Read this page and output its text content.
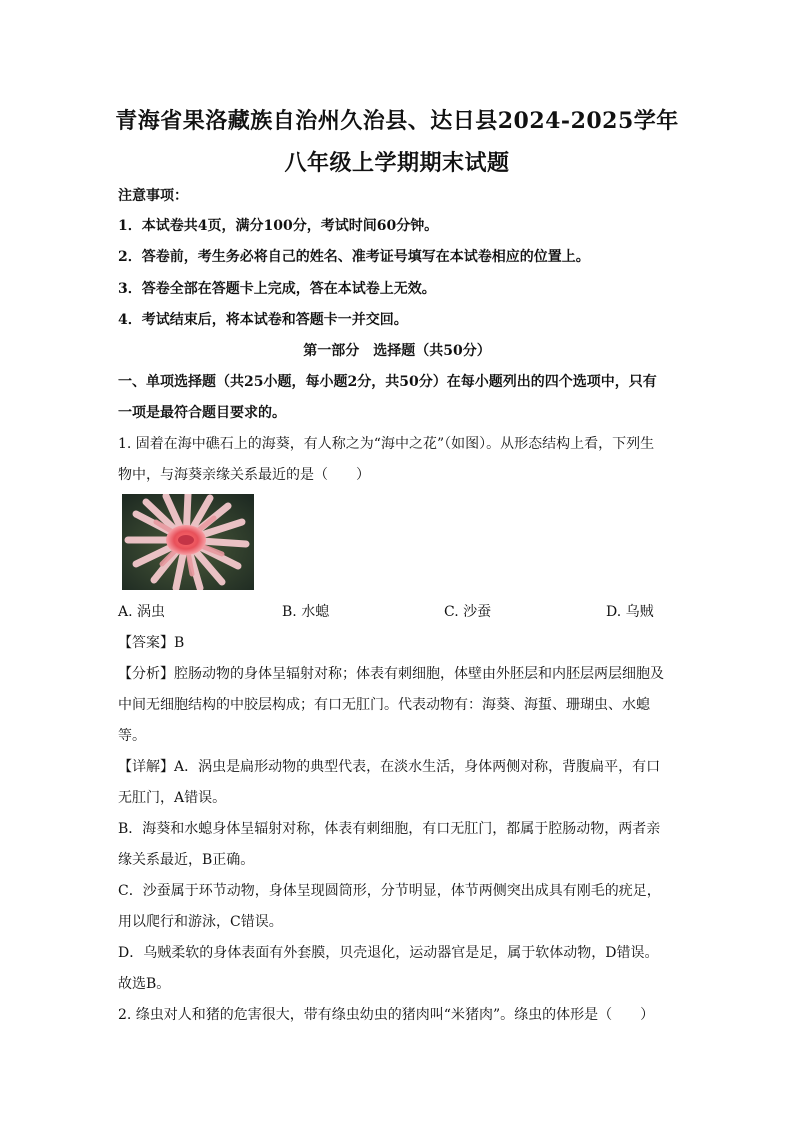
青海省果洛藏族自治州久治县、达日县2024-2025学年
八年级上学期期末试题
注意事项：
1．本试卷共4页，满分100分，考试时间60分钟。
2．答卷前，考生务必将自己的姓名、准考证号填写在本试卷相应的位置上。
3．答卷全部在答题卡上完成，答在本试卷上无效。
4．考试结束后，将本试卷和答题卡一并交回。
第一部分　选择题（共50分）
一、单项选择题（共25小题，每小题2分，共50分）在每小题列出的四个选项中，只有
一项是最符合题目要求的。
1. 固着在海中礁石上的海葵，有人称之为“海中之花”（如图）。从形态结构上看，下列生
物中，与海葵亲缘关系最近的是（　　）
A. 涡虫	B. 水螅	C. 沙蚕	D. 乌贼
【答案】B
【分析】腔肠动物的身体呈辐射对称；体表有刺细胞，体壁由外胚层和内胚层两层细胞及
中间无细胞结构的中胶层构成；有口无肛门。代表动物有：海葵、海蜇、珊瑚虫、水螅
等。
【详解】A．涡虫是扁形动物的典型代表，在淡水生活，身体两侧对称，背腹扁平，有口
无肛门，A错误。
B．海葵和水螅身体呈辐射对称，体表有刺细胞，有口无肛门，都属于腔肠动物，两者亲
缘关系最近，B正确。
C．沙蚕属于环节动物，身体呈现圆筒形，分节明显，体节两侧突出成具有刚毛的疣足，
用以爬行和游泳，C错误。
D．乌贼柔软的身体表面有外套膜，贝壳退化，运动器官是足，属于软体动物，D错误。
故选B。
2. 绦虫对人和猪的危害很大，带有绦虫幼虫的猪肉叫“米猪肉”。绦虫的体形是（　　）
